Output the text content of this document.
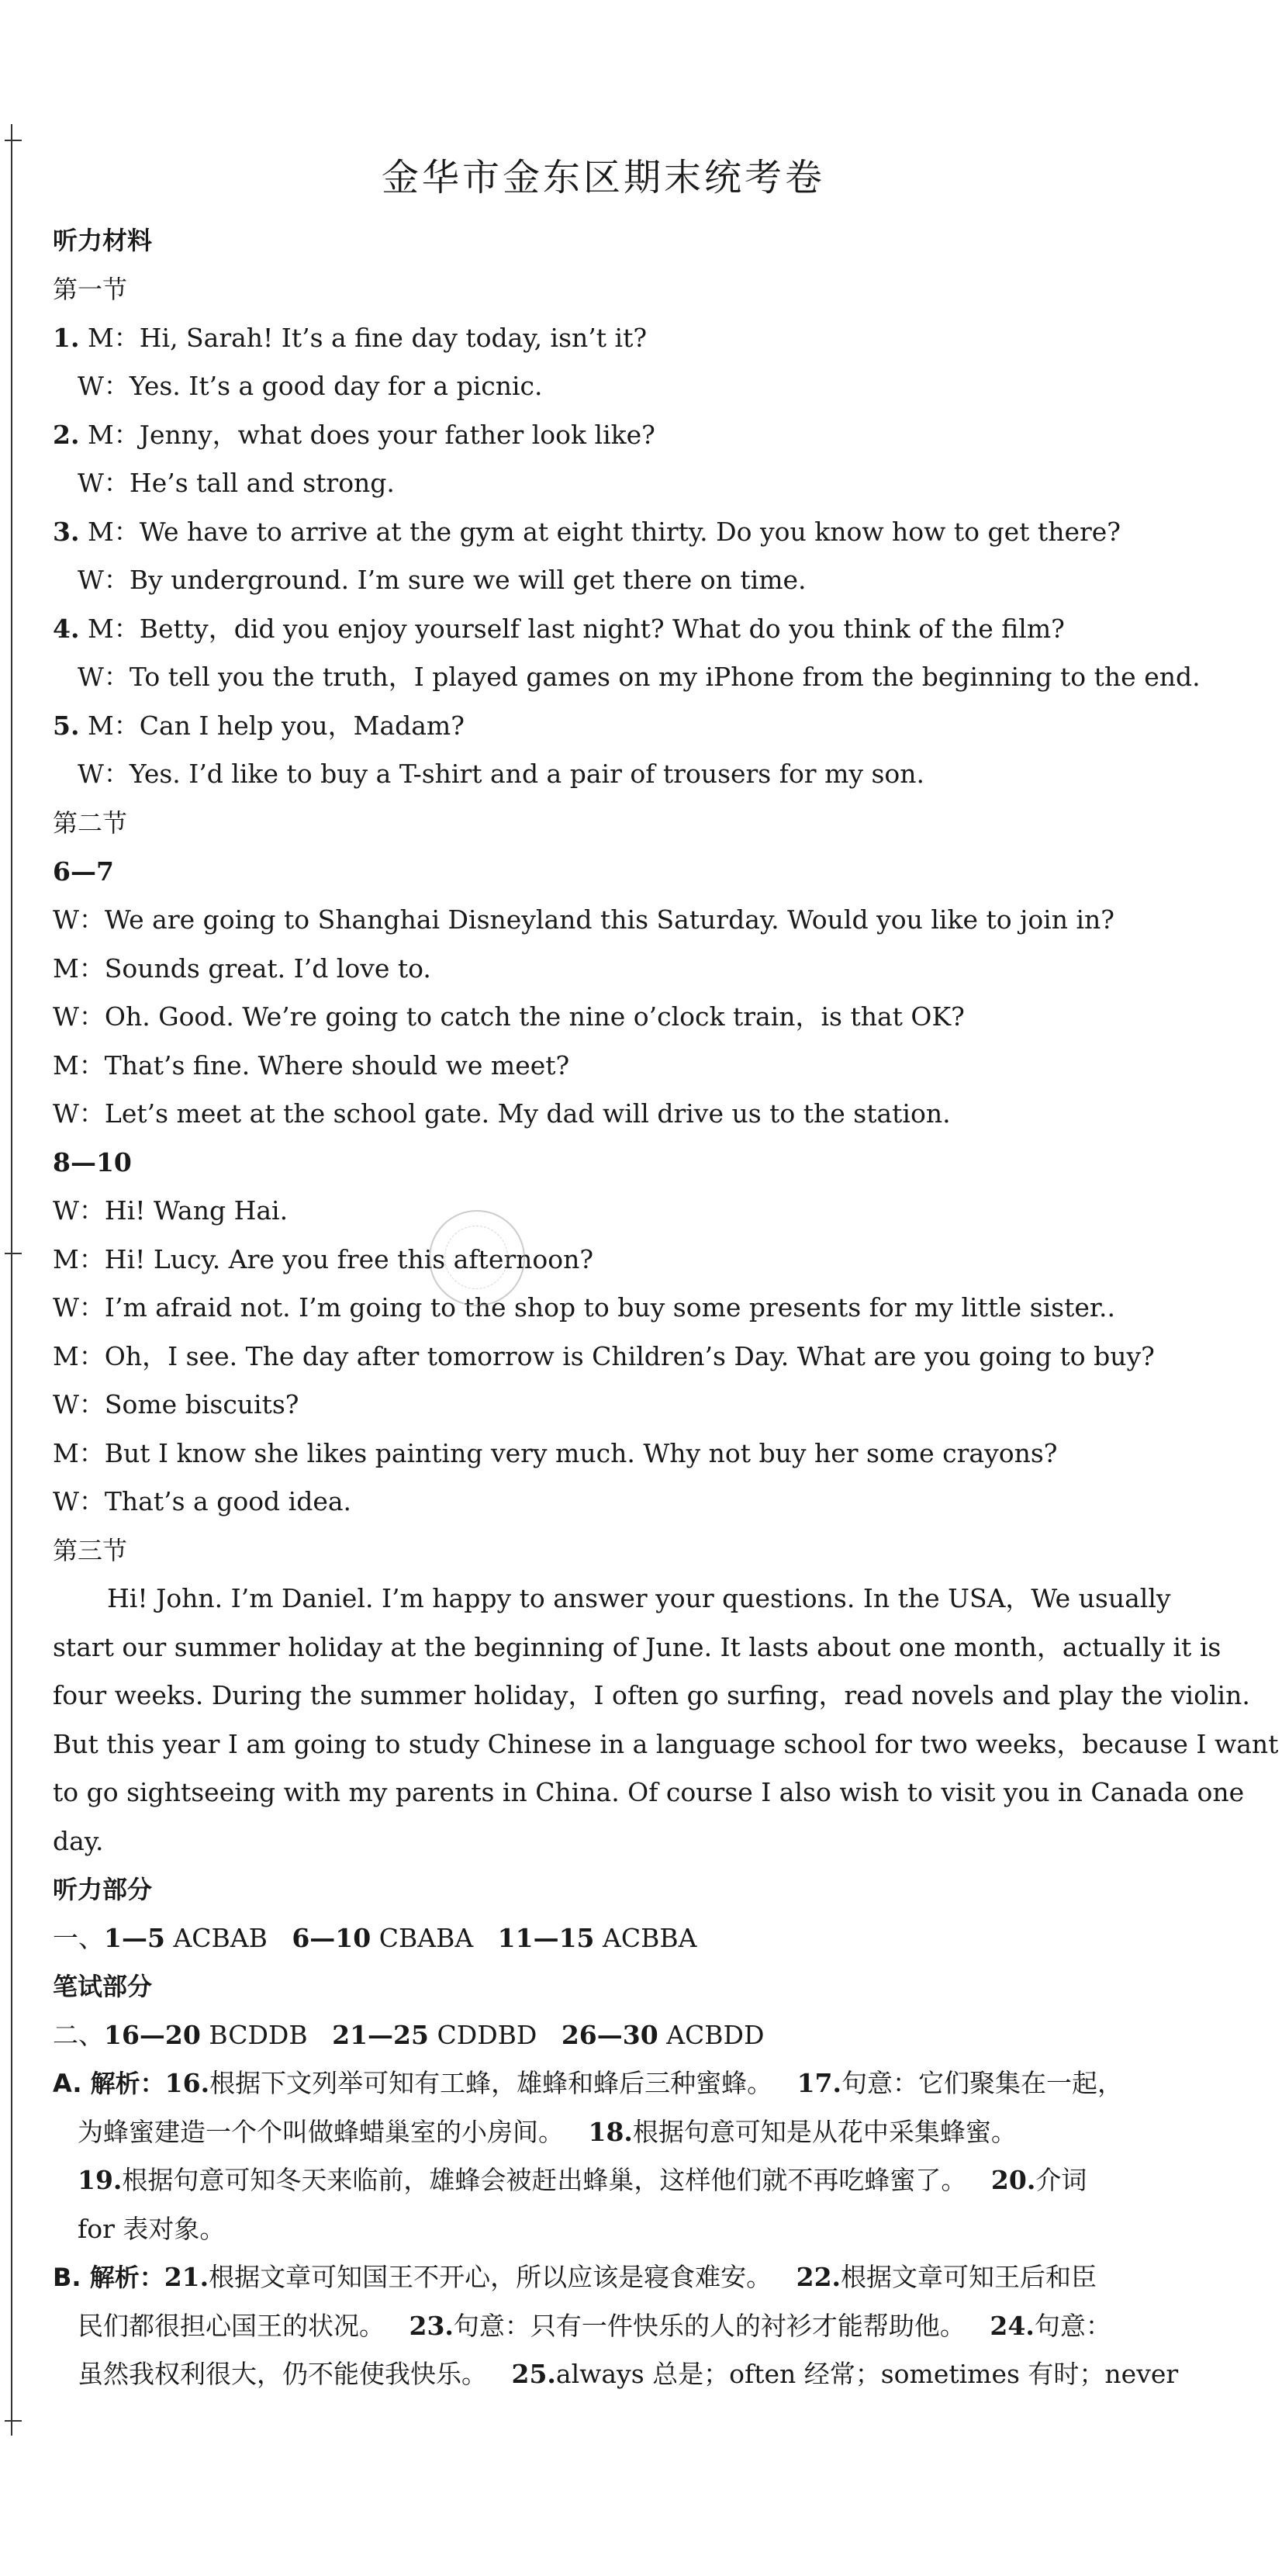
金华市金东区期末统考卷
听力材料
第一节
1. M：Hi, Sarah! It’s a fine day today, isn’t it?
W：Yes. It’s a good day for a picnic.
2. M：Jenny，what does your father look like?
W：He’s tall and strong.
3. M：We have to arrive at the gym at eight thirty. Do you know how to get there?
W：By underground. I’m sure we will get there on time.
4. M：Betty，did you enjoy yourself last night? What do you think of the film?
W：To tell you the truth，I played games on my iPhone from the beginning to the end.
5. M：Can I help you，Madam?
W：Yes. I’d like to buy a T-shirt and a pair of trousers for my son.
第二节
6—7
W：We are going to Shanghai Disneyland this Saturday. Would you like to join in?
M：Sounds great. I’d love to.
W：Oh. Good. We’re going to catch the nine o’clock train，is that OK?
M：That’s fine. Where should we meet?
W：Let’s meet at the school gate. My dad will drive us to the station.
8—10
W：Hi! Wang Hai.
M：Hi! Lucy. Are you free this afternoon?
W：I’m afraid not. I’m going to the shop to buy some presents for my little sister..
M：Oh，I see. The day after tomorrow is Children’s Day. What are you going to buy?
W：Some biscuits?
M：But I know she likes painting very much. Why not buy her some crayons?
W：That’s a good idea.
第三节
Hi! John. I’m Daniel. I’m happy to answer your questions. In the USA，We usually
start our summer holiday at the beginning of June. It lasts about one month，actually it is
four weeks. During the summer holiday，I often go surfing，read novels and play the violin.
But this year I am going to study Chinese in a language school for two weeks，because I want
to go sightseeing with my parents in China. Of course I also wish to visit you in Canada one
day.
听力部分
一、1—5 ACBAB 6—10 CBABA 11—15 ACBBA
笔试部分
二、16—20 BCDDB 21—25 CDDBD 26—30 ACBDD
A. 解析：16.根据下文列举可知有工蜂，雄蜂和蜂后三种蜜蜂。 17.句意：它们聚集在一起，
为蜂蜜建造一个个叫做蜂蜡巢室的小房间。 18.根据句意可知是从花中采集蜂蜜。
19.根据句意可知冬天来临前，雄蜂会被赶出蜂巢，这样他们就不再吃蜂蜜了。 20.介词
for 表对象。
B. 解析：21.根据文章可知国王不开心，所以应该是寝食难安。 22.根据文章可知王后和臣
民们都很担心国王的状况。 23.句意：只有一件快乐的人的衬衫才能帮助他。 24.句意：
虽然我权利很大，仍不能使我快乐。 25.always 总是；often 经常；sometimes 有时；never
